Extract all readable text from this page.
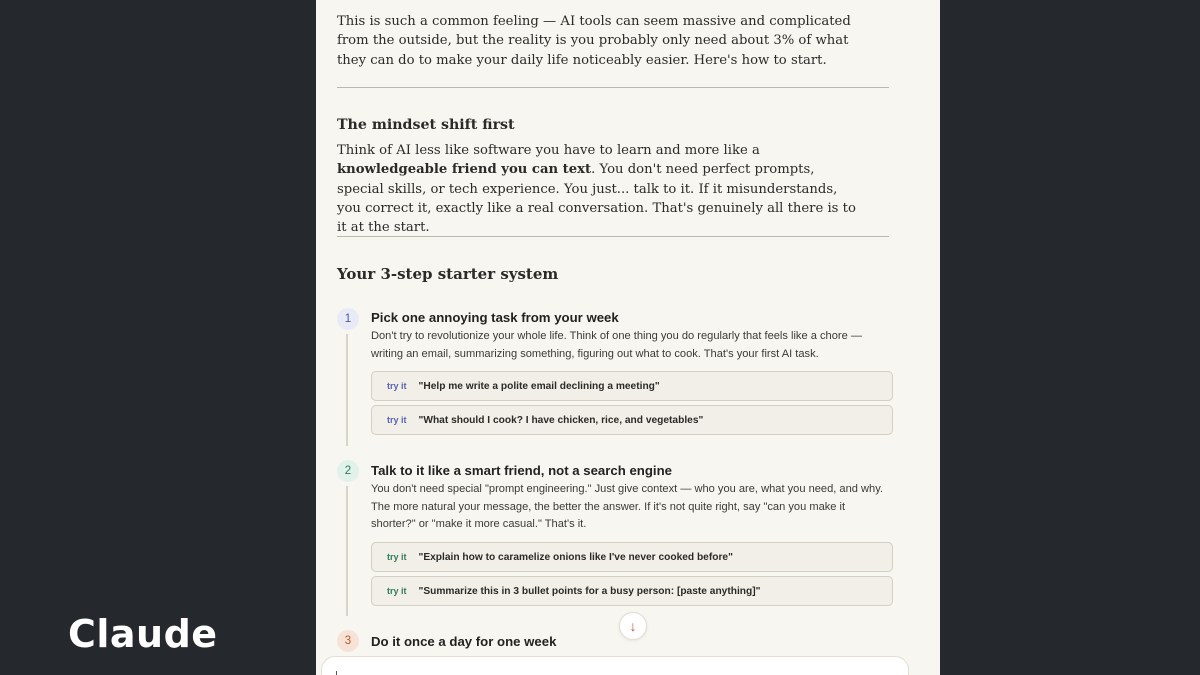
Claude

This is such a common feeling — AI tools can seem massive and complicated from the outside, but the reality is you probably only need about 3% of what they can do to make your daily life noticeably easier. Here's how to start.

The mindset shift first

Think of AI less like software you have to learn and more like a knowledgeable friend you can text. You don't need perfect prompts, special skills, or tech experience. You just... talk to it. If it misunderstands, you correct it, exactly like a real conversation. That's genuinely all there is to it at the start.

Your 3-step starter system
1	Pick one annoying task from your week
Don't try to revolutionize your whole life. Think of one thing you do regularly that feels like a chore — writing an email, summarizing something, figuring out what to cook. That's your first AI task.
try it "Help me write a polite email declining a meeting"
try it "What should I cook? I have chicken, rice, and vegetables"
2	Talk to it like a smart friend, not a search engine
You don't need special "prompt engineering." Just give context — who you are, what you need, and why. The more natural your message, the better the answer. If it's not quite right, say "can you make it shorter?" or "make it more casual." That's it.
try it "Explain how to caramelize onions like I've never cooked before"
try it "Summarize this in 3 bullet points for a busy person: [paste anything]"
3	Do it once a day for one week
↓
